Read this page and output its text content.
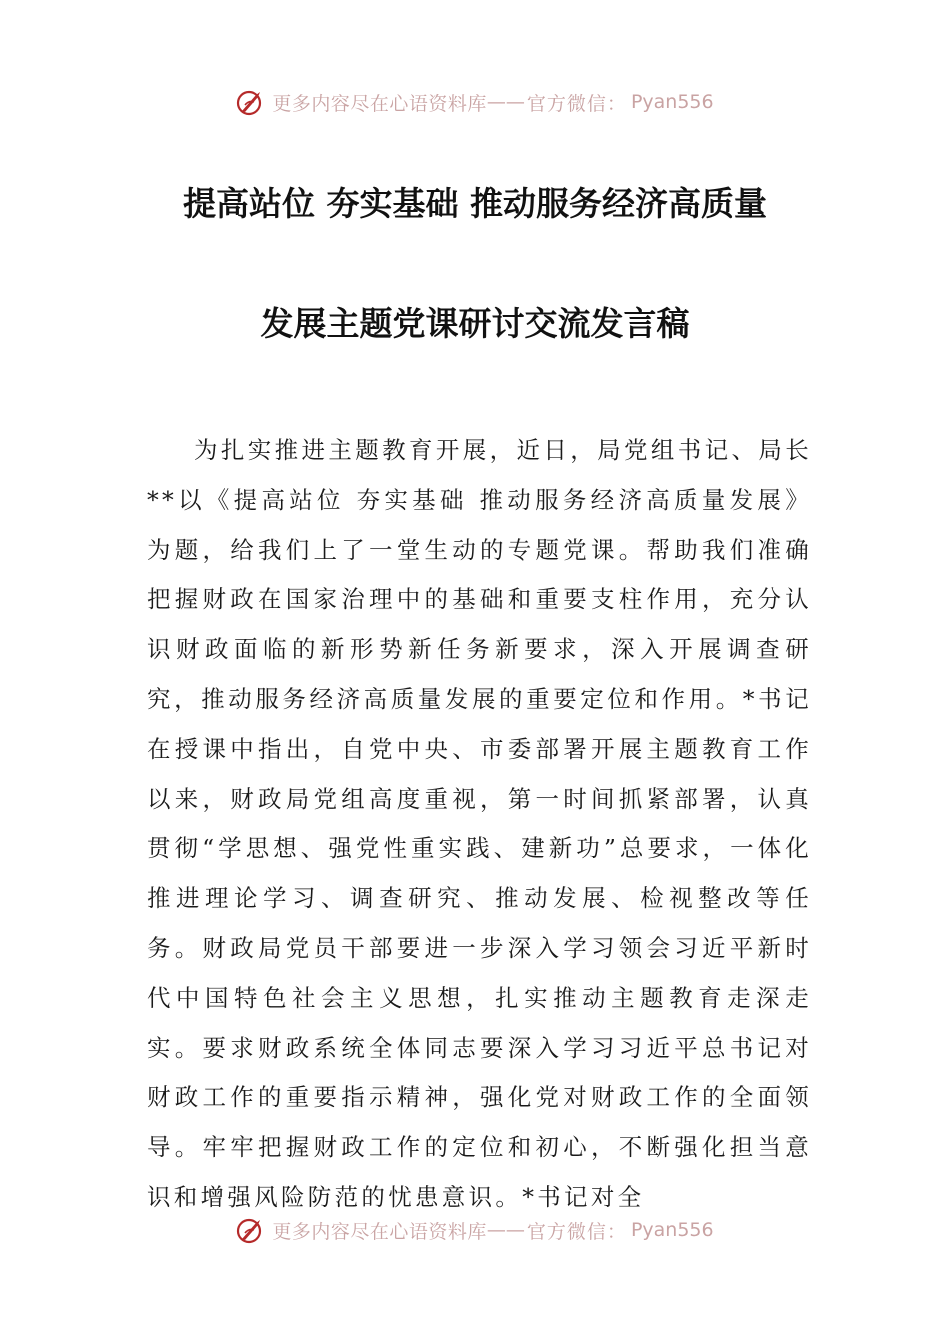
更多内容尽在心语资料库 —— 官方微信： Pyan556
提高站位 夯实基础 推动服务经济高质量
发展主题党课研讨交流发言稿

为扎实推进主题教育开展，近日，局党组书记、局长**以《提高站位 夯实基础 推动服务经济高质量发展》为题，给我们上了一堂生动的专题党课。帮助我们准确把握财政在国家治理中的基础和重要支柱作用，充分认识财政面临的新形势新任务新要求，深入开展调查研究，推动服务经济高质量发展的重要定位和作用。*书记在授课中指出，自党中央、市委部署开展主题教育工作以来，财政局党组高度重视，第一时间抓紧部署，认真贯彻“学思想、强党性重实践、建新功”总要求，一体化推进理论学习、调查研究、推动发展、检视整改等任务。财政局党员干部要进一步深入学习领会习近平新时代中国特色社会主义思想，扎实推动主题教育走深走实。要求财政系统全体同志要深入学习习近平总书记对财政工作的重要指示精神，强化党对财政工作的全面领导。牢牢把握财政工作的定位和初心，不断强化担当意识和增强风险防范的忧患意识。*书记对全

更多内容尽在心语资料库 —— 官方微信： Pyan556
